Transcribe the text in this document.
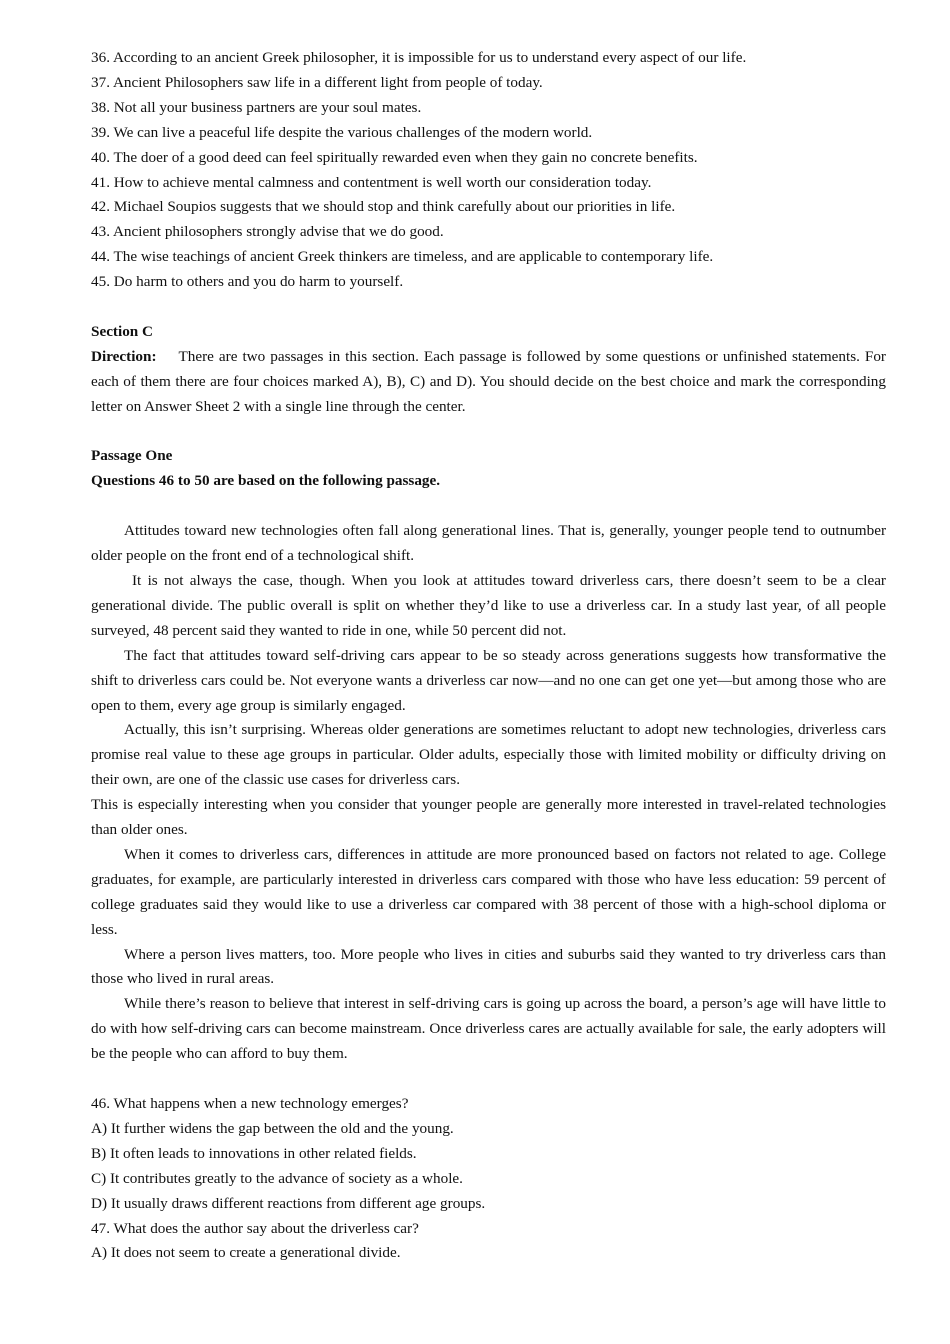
36. According to an ancient Greek philosopher, it is impossible for us to understand every aspect of our life.

37. Ancient Philosophers saw life in a different light from people of today.

38. Not all your business partners are your soul mates.

39. We can live a peaceful life despite the various challenges of the modern world.

40. The doer of a good deed can feel spiritually rewarded even when they gain no concrete benefits.

41. How to achieve mental calmness and contentment is well worth our consideration today.

42. Michael Soupios suggests that we should stop and think carefully about our priorities in life.

43. Ancient philosophers strongly advise that we do good.

44. The wise teachings of ancient Greek thinkers are timeless, and are applicable to contemporary life.

45. Do harm to others and you do harm to yourself.

Section C

Direction: There are two passages in this section. Each passage is followed by some questions or unfinished statements. For each of them there are four choices marked A), B), C) and D). You should decide on the best choice and mark the corresponding letter on Answer Sheet 2 with a single line through the center.

Passage One

Questions 46 to 50 are based on the following passage.

Attitudes toward new technologies often fall along generational lines. That is, generally, younger people tend to outnumber older people on the front end of a technological shift.

It is not always the case, though. When you look at attitudes toward driverless cars, there doesn’t seem to be a clear generational divide. The public overall is split on whether they’d like to use a driverless car. In a study last year, of all people surveyed, 48 percent said they wanted to ride in one, while 50 percent did not.

The fact that attitudes toward self-driving cars appear to be so steady across generations suggests how transformative the shift to driverless cars could be. Not everyone wants a driverless car now—and no one can get one yet—but among those who are open to them, every age group is similarly engaged.

Actually, this isn’t surprising. Whereas older generations are sometimes reluctant to adopt new technologies, driverless cars promise real value to these age groups in particular. Older adults, especially those with limited mobility or difficulty driving on their own, are one of the classic use cases for driverless cars.

This is especially interesting when you consider that younger people are generally more interested in travel-related technologies than older ones.

When it comes to driverless cars, differences in attitude are more pronounced based on factors not related to age. College graduates, for example, are particularly interested in driverless cars compared with those who have less education: 59 percent of college graduates said they would like to use a driverless car compared with 38 percent of those with a high-school diploma or less.

Where a person lives matters, too. More people who lives in cities and suburbs said they wanted to try driverless cars than those who lived in rural areas.

While there’s reason to believe that interest in self-driving cars is going up across the board, a person’s age will have little to do with how self-driving cars can become mainstream. Once driverless cares are actually available for sale, the early adopters will be the people who can afford to buy them.

46. What happens when a new technology emerges?

A) It further widens the gap between the old and the young.

B) It often leads to innovations in other related fields.

C) It contributes greatly to the advance of society as a whole.

D) It usually draws different reactions from different age groups.

47. What does the author say about the driverless car?

A) It does not seem to create a generational divide.
